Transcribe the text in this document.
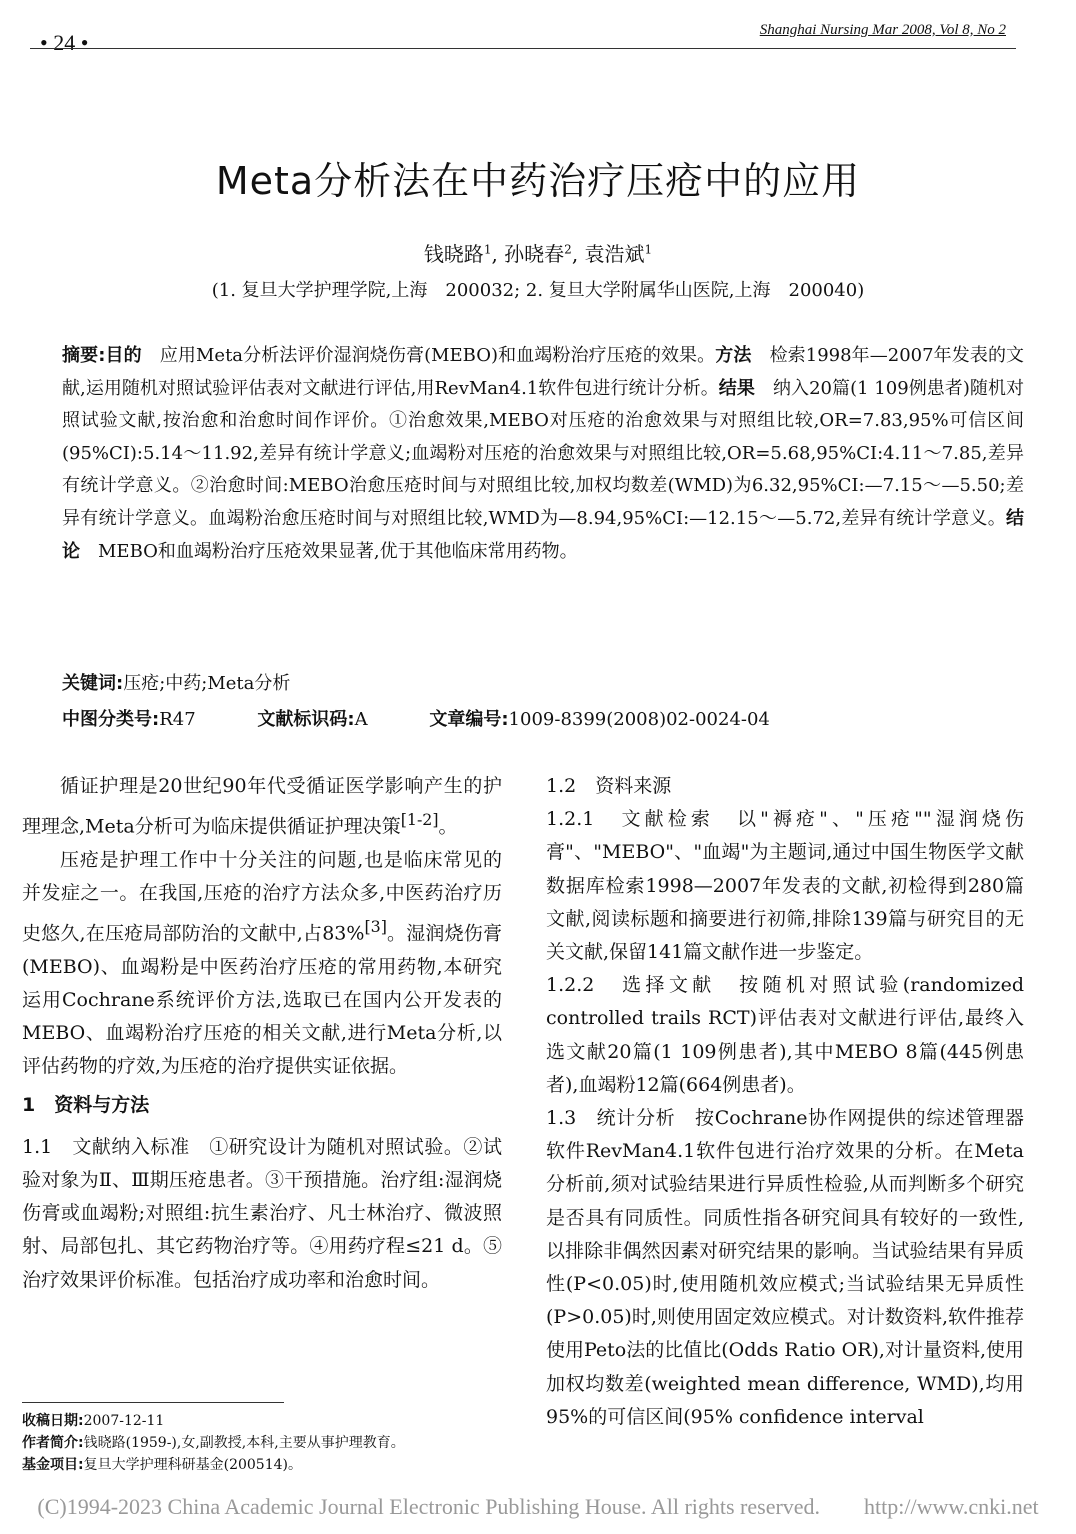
• 24 •	Shanghai Nursing Mar 2008, Vol 8, No 2
Meta分析法在中药治疗压疮中的应用
钱晓路$^1$, 孙晓春$^2$, 袁浩斌$^1$
(1. 复旦大学护理学院,上海　200032; 2. 复旦大学附属华山医院,上海　200040)
摘要:目的　 应用Meta分析法评价湿润烧伤膏(MEBO)和血竭粉治疗压疮的效果。方法　 检索1998年—2007年发表的文献,运用随机对照试验评估表对文献进行评估,用RevMan4.1软件包进行统计分析。结果　 纳入20篇(1 109例患者)随机对照试验文献,按治愈和治愈时间作评价。①治愈效果,MEBO对压疮的治愈效果与对照组比较,OR=7.83,95%可信区间(95%CI):5.14～11.92,差异有统计学意义;血竭粉对压疮的治愈效果与对照组比较,OR=5.68,95%CI:4.11～7.85,差异有统计学意义。②治愈时间:MEBO治愈压疮时间与对照组比较,加权均数差(WMD)为6.32,95%CI:—7.15～—5.50;差异有统计学意义。血竭粉治愈压疮时间与对照组比较,WMD为—8.94,95%CI:—12.15～—5.72,差异有统计学意义。结论　 MEBO和血竭粉治疗压疮效果显著,优于其他临床常用药物。
关键词:压疮;中药;Meta分析
中图分类号:R47	文献标识码:A	文章编号:1009-8399(2008)02-0024-04

循证护理是20世纪90年代受循证医学影响产生的护理理念,Meta分析可为临床提供循证护理决策[1-2]。

压疮是护理工作中十分关注的问题,也是临床常见的并发症之一。在我国,压疮的治疗方法众多,中医药治疗历史悠久,在压疮局部防治的文献中,占83%[3]。湿润烧伤膏(MEBO)、血竭粉是中医药治疗压疮的常用药物,本研究运用Cochrane系统评价方法,选取已在国内公开发表的MEBO、血竭粉治疗压疮的相关文献,进行Meta分析,以评估药物的疗效,为压疮的治疗提供实证依据。

1　资料与方法

1.1　文献纳入标准　 ①研究设计为随机对照试验。②试验对象为Ⅱ、Ⅲ期压疮患者。③干预措施。治疗组:湿润烧伤膏或血竭粉;对照组:抗生素治疗、凡士林治疗、微波照射、局部包扎、其它药物治疗等。④用药疗程≤21 d。⑤治疗效果评价标准。包括治疗成功率和治愈时间。

1.2　资料来源

1.2.1　文献检索　 以"褥疮"、"压疮""湿润烧伤膏"、"MEBO"、"血竭"为主题词,通过中国生物医学文献数据库检索1998—2007年发表的文献,初检得到280篇文献,阅读标题和摘要进行初筛,排除139篇与研究目的无关文献,保留141篇文献作进一步鉴定。

1.2.2　选择文献　 按随机对照试验(randomized controlled trails RCT)评估表对文献进行评估,最终入选文献20篇(1 109例患者),其中MEBO 8篇(445例患者),血竭粉12篇(664例患者)。

1.3　统计分析　 按Cochrane协作网提供的综述管理器软件RevMan4.1软件包进行治疗效果的分析。在Meta分析前,须对试验结果进行异质性检验,从而判断多个研究是否具有同质性。同质性指各研究间具有较好的一致性,以排除非偶然因素对研究结果的影响。当试验结果有异质性(P<0.05)时,使用随机效应模式;当试验结果无异质性(P>0.05)时,则使用固定效应模式。对计数资料,软件推荐使用Peto法的比值比(Odds Ratio OR),对计量资料,使用加权均数差(weighted mean difference, WMD),均用95%的可信区间(95% confidence interval

收稿日期:2007-12-11
作者简介:钱晓路(1959-),女,副教授,本科,主要从事护理教育。
基金项目:复旦大学护理科研基金(200514)。
(C)1994-2023 China Academic Journal Electronic Publishing House. All rights reserved.　　http://www.cnki.net
